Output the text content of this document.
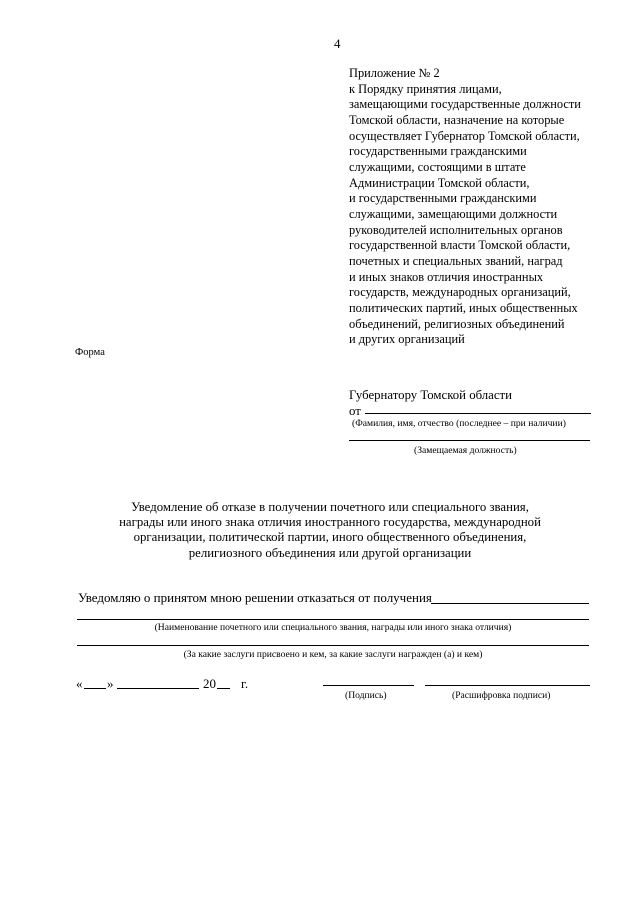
4
Приложение № 2
к Порядку принятия лицами,
замещающими государственные должности
Томской области, назначение на которые
осуществляет Губернатор Томской области,
государственными гражданскими
служащими, состоящими в штате
Администрации Томской области,
и государственными гражданскими
служащими, замещающими должности
руководителей исполнительных органов
государственной власти Томской области,
почетных и специальных званий, наград
и иных знаков отличия иностранных
государств, международных организаций,
политических партий, иных общественных
объединений, религиозных объединений
и других организаций
Форма
Губернатору Томской области
от
(Фамилия, имя, отчество (последнее – при наличии)
(Замещаемая должность)
Уведомление об отказе в получении почетного или специального звания,
награды или иного знака отличия иностранного государства, международной
организации, политической партии, иного общественного объединения,
религиозного объединения или другой организации
Уведомляю о принятом мною решении отказаться от получения
(Наименование почетного или специального звания, награды или иного знака отличия)
(За какие заслуги присвоено и кем, за какие заслуги награжден (а) и кем)
« »	20 г.
(Подпись)	(Расшифровка подписи)
